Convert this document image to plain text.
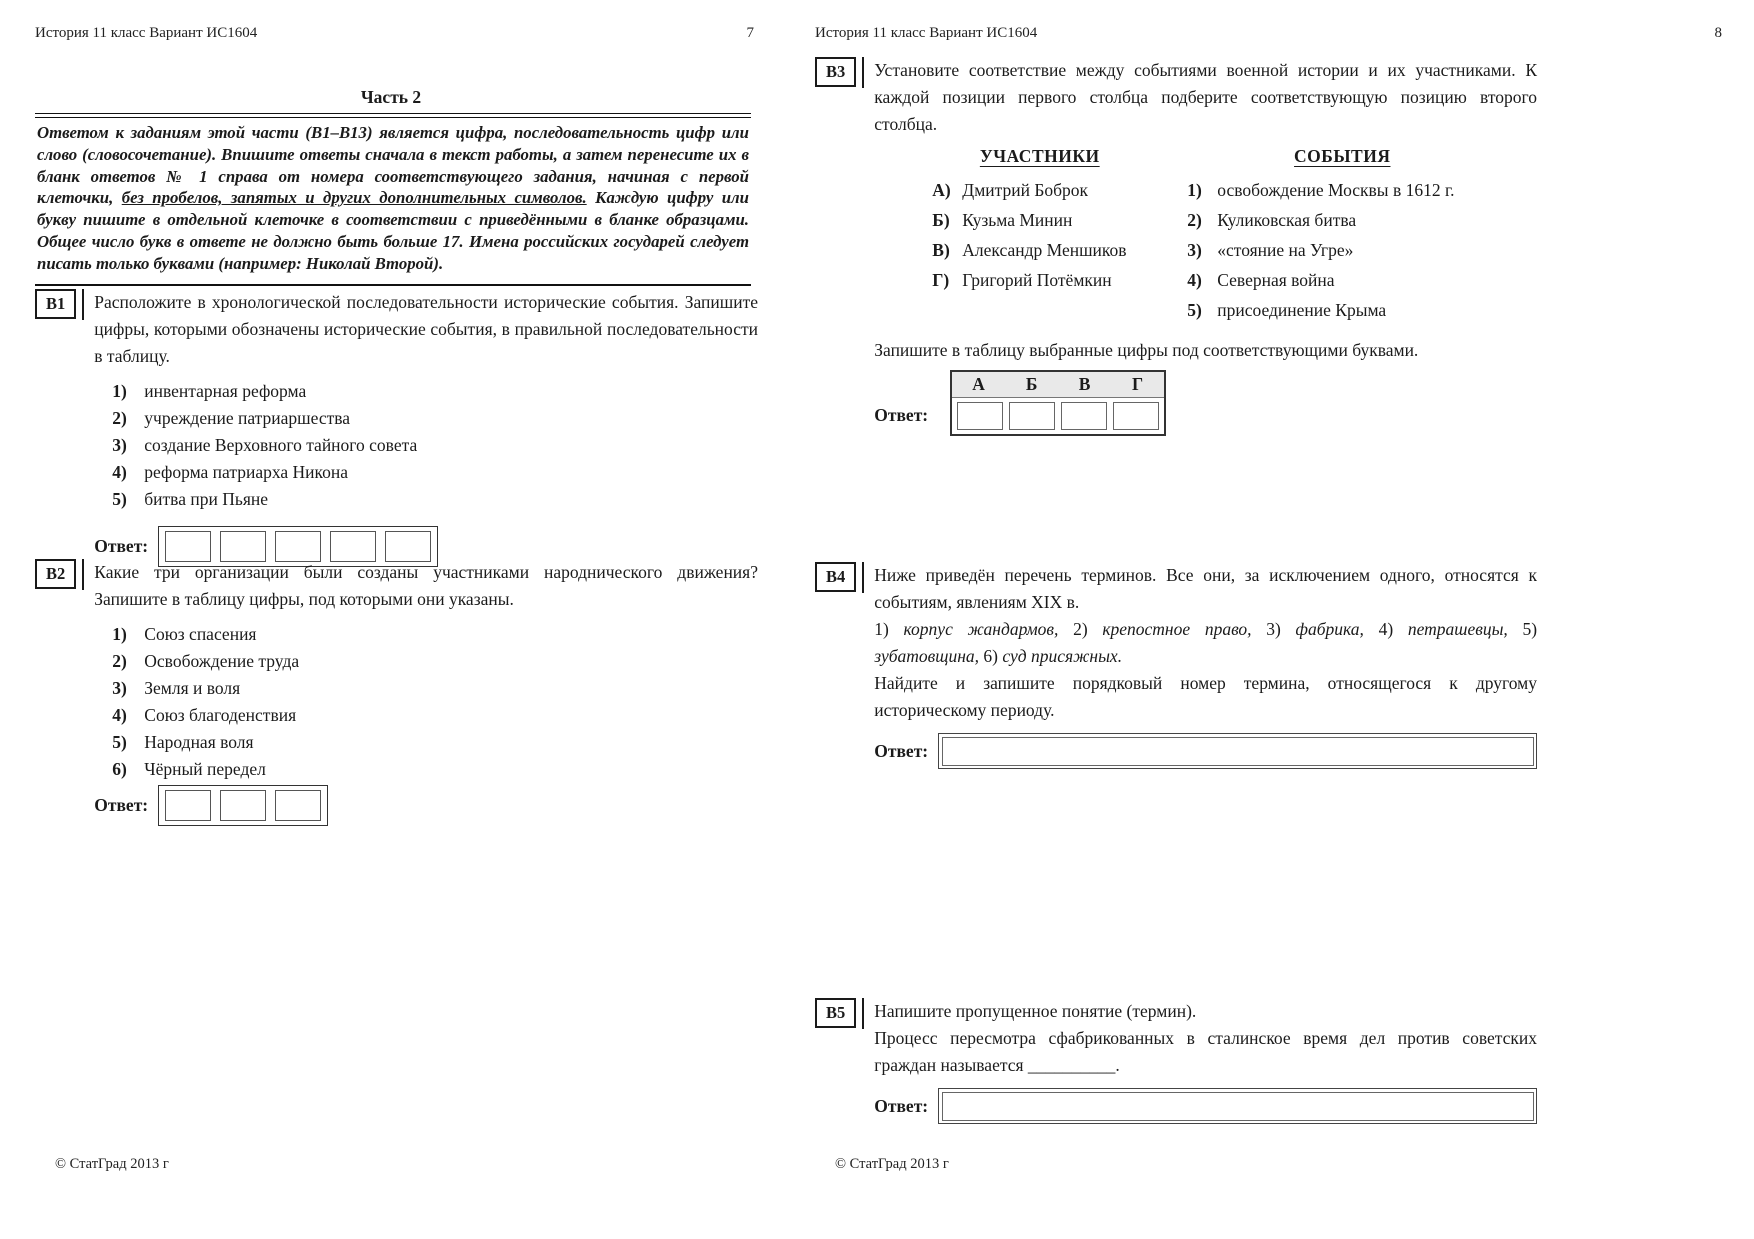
История 11 класс Вариант ИС1604	7
Часть 2
Ответом к заданиям этой части (В1–В13) является цифра, последовательность цифр или слово (словосочетание). Впишите ответы сначала в текст работы, а затем перенесите их в бланк ответов № 1 справа от номера соответствующего задания, начиная с первой клеточки, без пробелов, запятых и других дополнительных символов. Каждую цифру или букву пишите в отдельной клеточке в соответствии с приведёнными в бланке образцами. Общее число букв в ответе не должно быть больше 17. Имена российских государей следует писать только буквами (например: Николай Второй).
В1	Расположите в хронологической последовательности исторические события. Запишите цифры, которыми обозначены исторические события, в правильной последовательности в таблицу.
1) инвентарная реформа
2) учреждение патриаршества
3) создание Верховного тайного совета
4) реформа патриарха Никона
5) битва при Пьяне
Ответ:
В2	Какие три организации были созданы участниками народнического движения? Запишите в таблицу цифры, под которыми они указаны.
1) Союз спасения
2) Освобождение труда
3) Земля и воля
4) Союз благоденствия
5) Народная воля
6) Чёрный передел
Ответ:
© СтатГрад 2013 г
История 11 класс Вариант ИС1604	8
В3	Установите соответствие между событиями военной истории и их участниками. К каждой позиции первого столбца подберите соответствующую позицию второго столбца.
УЧАСТНИКИ
А) Дмитрий Боброк
Б) Кузьма Минин
В) Александр Меншиков
Г) Григорий Потёмкин
СОБЫТИЯ
1) освобождение Москвы в 1612 г.
2) Куликовская битва
3) «стояние на Угре»
4) Северная война
5) присоединение Крыма
Запишите в таблицу выбранные цифры под соответствующими буквами.
Ответ:
А	Б	В	Г
В4	Ниже приведён перечень терминов. Все они, за исключением одного, относятся к событиям, явлениям XIX в.
1) корпус жандармов, 2) крепостное право, 3) фабрика, 4) петрашевцы, 5) зубатовщина, 6) суд присяжных.
Найдите и запишите порядковый номер термина, относящегося к другому историческому периоду.
Ответ:
В5	Напишите пропущенное понятие (термин).
Процесс пересмотра сфабрикованных в сталинское время дел против советских граждан называется __________.
Ответ:
© СтатГрад 2013 г
